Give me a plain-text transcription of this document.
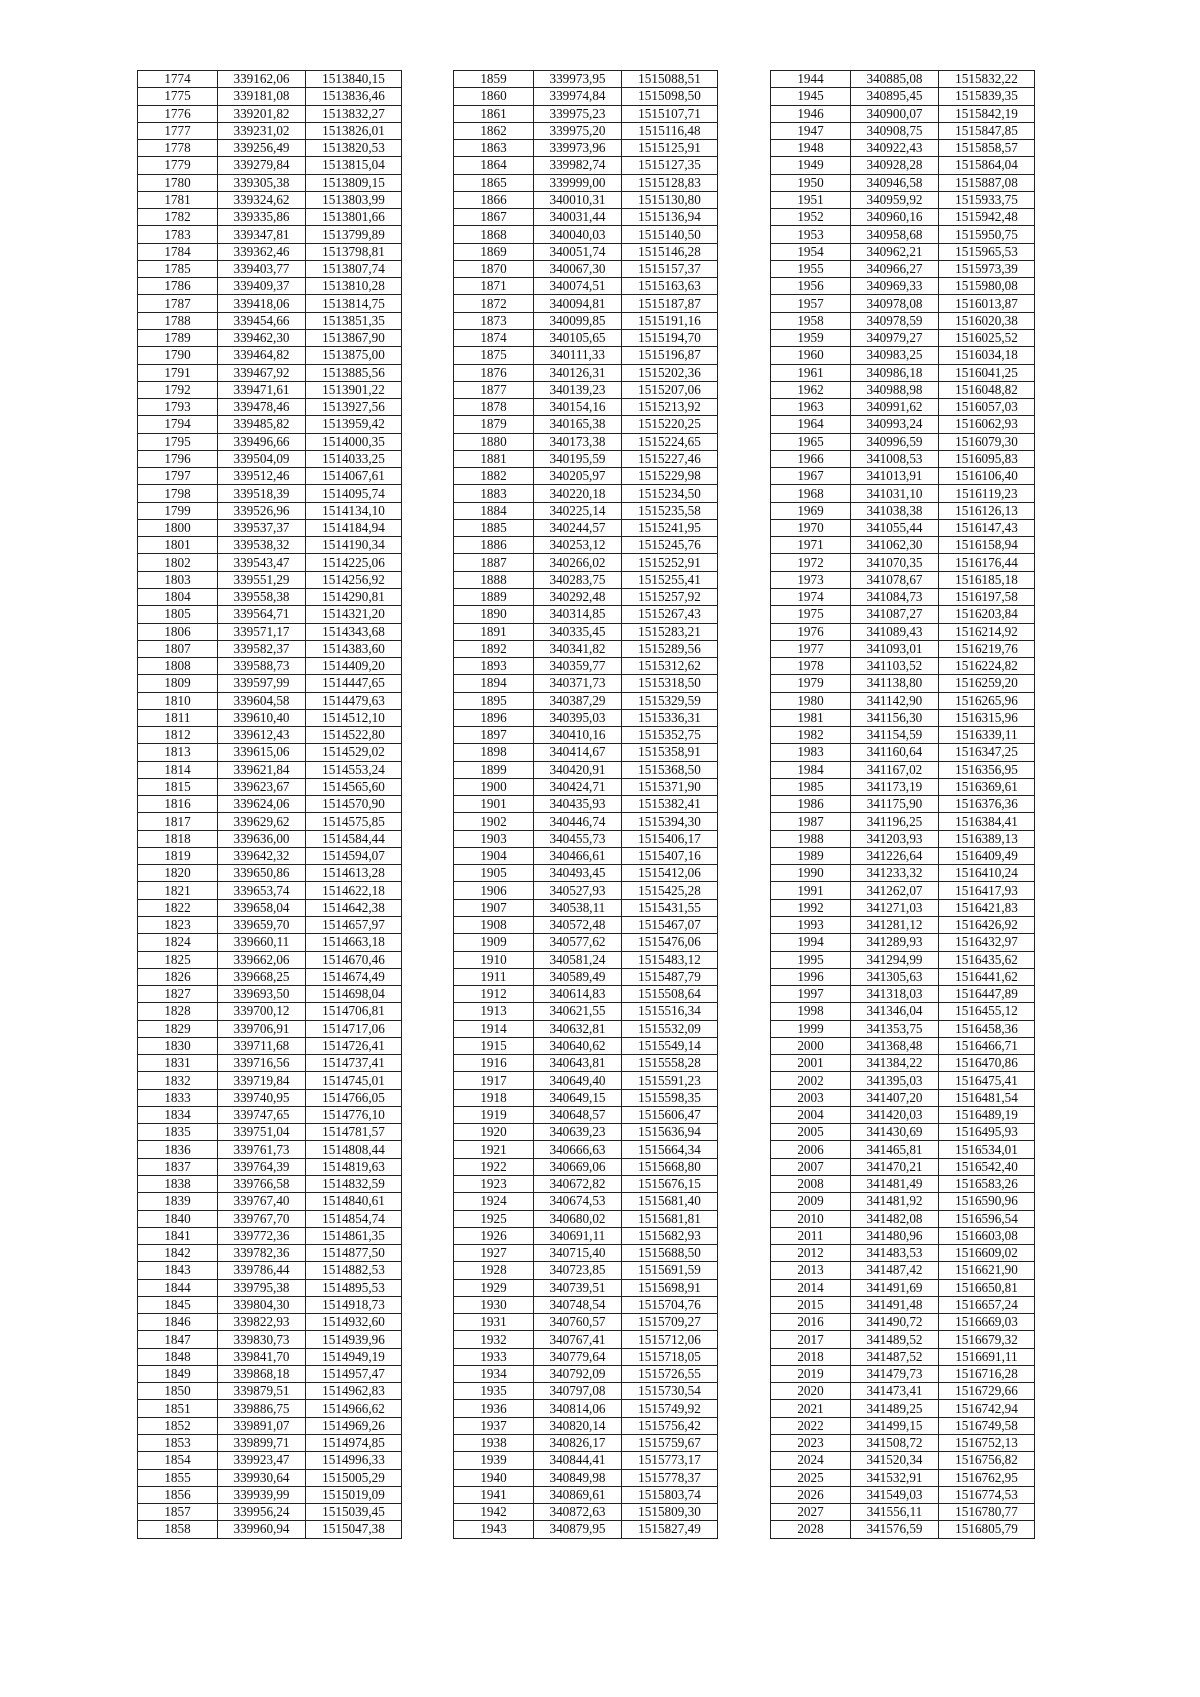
1774	339162,06	1513840,15
1775	339181,08	1513836,46
1776	339201,82	1513832,27
1777	339231,02	1513826,01
1778	339256,49	1513820,53
1779	339279,84	1513815,04
1780	339305,38	1513809,15
1781	339324,62	1513803,99
1782	339335,86	1513801,66
1783	339347,81	1513799,89
1784	339362,46	1513798,81
1785	339403,77	1513807,74
1786	339409,37	1513810,28
1787	339418,06	1513814,75
1788	339454,66	1513851,35
1789	339462,30	1513867,90
1790	339464,82	1513875,00
1791	339467,92	1513885,56
1792	339471,61	1513901,22
1793	339478,46	1513927,56
1794	339485,82	1513959,42
1795	339496,66	1514000,35
1796	339504,09	1514033,25
1797	339512,46	1514067,61
1798	339518,39	1514095,74
1799	339526,96	1514134,10
1800	339537,37	1514184,94
1801	339538,32	1514190,34
1802	339543,47	1514225,06
1803	339551,29	1514256,92
1804	339558,38	1514290,81
1805	339564,71	1514321,20
1806	339571,17	1514343,68
1807	339582,37	1514383,60
1808	339588,73	1514409,20
1809	339597,99	1514447,65
1810	339604,58	1514479,63
1811	339610,40	1514512,10
1812	339612,43	1514522,80
1813	339615,06	1514529,02
1814	339621,84	1514553,24
1815	339623,67	1514565,60
1816	339624,06	1514570,90
1817	339629,62	1514575,85
1818	339636,00	1514584,44
1819	339642,32	1514594,07
1820	339650,86	1514613,28
1821	339653,74	1514622,18
1822	339658,04	1514642,38
1823	339659,70	1514657,97
1824	339660,11	1514663,18
1825	339662,06	1514670,46
1826	339668,25	1514674,49
1827	339693,50	1514698,04
1828	339700,12	1514706,81
1829	339706,91	1514717,06
1830	339711,68	1514726,41
1831	339716,56	1514737,41
1832	339719,84	1514745,01
1833	339740,95	1514766,05
1834	339747,65	1514776,10
1835	339751,04	1514781,57
1836	339761,73	1514808,44
1837	339764,39	1514819,63
1838	339766,58	1514832,59
1839	339767,40	1514840,61
1840	339767,70	1514854,74
1841	339772,36	1514861,35
1842	339782,36	1514877,50
1843	339786,44	1514882,53
1844	339795,38	1514895,53
1845	339804,30	1514918,73
1846	339822,93	1514932,60
1847	339830,73	1514939,96
1848	339841,70	1514949,19
1849	339868,18	1514957,47
1850	339879,51	1514962,83
1851	339886,75	1514966,62
1852	339891,07	1514969,26
1853	339899,71	1514974,85
1854	339923,47	1514996,33
1855	339930,64	1515005,29
1856	339939,99	1515019,09
1857	339956,24	1515039,45
1858	339960,94	1515047,38
1859	339973,95	1515088,51
1860	339974,84	1515098,50
1861	339975,23	1515107,71
1862	339975,20	1515116,48
1863	339973,96	1515125,91
1864	339982,74	1515127,35
1865	339999,00	1515128,83
1866	340010,31	1515130,80
1867	340031,44	1515136,94
1868	340040,03	1515140,50
1869	340051,74	1515146,28
1870	340067,30	1515157,37
1871	340074,51	1515163,63
1872	340094,81	1515187,87
1873	340099,85	1515191,16
1874	340105,65	1515194,70
1875	340111,33	1515196,87
1876	340126,31	1515202,36
1877	340139,23	1515207,06
1878	340154,16	1515213,92
1879	340165,38	1515220,25
1880	340173,38	1515224,65
1881	340195,59	1515227,46
1882	340205,97	1515229,98
1883	340220,18	1515234,50
1884	340225,14	1515235,58
1885	340244,57	1515241,95
1886	340253,12	1515245,76
1887	340266,02	1515252,91
1888	340283,75	1515255,41
1889	340292,48	1515257,92
1890	340314,85	1515267,43
1891	340335,45	1515283,21
1892	340341,82	1515289,56
1893	340359,77	1515312,62
1894	340371,73	1515318,50
1895	340387,29	1515329,59
1896	340395,03	1515336,31
1897	340410,16	1515352,75
1898	340414,67	1515358,91
1899	340420,91	1515368,50
1900	340424,71	1515371,90
1901	340435,93	1515382,41
1902	340446,74	1515394,30
1903	340455,73	1515406,17
1904	340466,61	1515407,16
1905	340493,45	1515412,06
1906	340527,93	1515425,28
1907	340538,11	1515431,55
1908	340572,48	1515467,07
1909	340577,62	1515476,06
1910	340581,24	1515483,12
1911	340589,49	1515487,79
1912	340614,83	1515508,64
1913	340621,55	1515516,34
1914	340632,81	1515532,09
1915	340640,62	1515549,14
1916	340643,81	1515558,28
1917	340649,40	1515591,23
1918	340649,15	1515598,35
1919	340648,57	1515606,47
1920	340639,23	1515636,94
1921	340666,63	1515664,34
1922	340669,06	1515668,80
1923	340672,82	1515676,15
1924	340674,53	1515681,40
1925	340680,02	1515681,81
1926	340691,11	1515682,93
1927	340715,40	1515688,50
1928	340723,85	1515691,59
1929	340739,51	1515698,91
1930	340748,54	1515704,76
1931	340760,57	1515709,27
1932	340767,41	1515712,06
1933	340779,64	1515718,05
1934	340792,09	1515726,55
1935	340797,08	1515730,54
1936	340814,06	1515749,92
1937	340820,14	1515756,42
1938	340826,17	1515759,67
1939	340844,41	1515773,17
1940	340849,98	1515778,37
1941	340869,61	1515803,74
1942	340872,63	1515809,30
1943	340879,95	1515827,49
1944	340885,08	1515832,22
1945	340895,45	1515839,35
1946	340900,07	1515842,19
1947	340908,75	1515847,85
1948	340922,43	1515858,57
1949	340928,28	1515864,04
1950	340946,58	1515887,08
1951	340959,92	1515933,75
1952	340960,16	1515942,48
1953	340958,68	1515950,75
1954	340962,21	1515965,53
1955	340966,27	1515973,39
1956	340969,33	1515980,08
1957	340978,08	1516013,87
1958	340978,59	1516020,38
1959	340979,27	1516025,52
1960	340983,25	1516034,18
1961	340986,18	1516041,25
1962	340988,98	1516048,82
1963	340991,62	1516057,03
1964	340993,24	1516062,93
1965	340996,59	1516079,30
1966	341008,53	1516095,83
1967	341013,91	1516106,40
1968	341031,10	1516119,23
1969	341038,38	1516126,13
1970	341055,44	1516147,43
1971	341062,30	1516158,94
1972	341070,35	1516176,44
1973	341078,67	1516185,18
1974	341084,73	1516197,58
1975	341087,27	1516203,84
1976	341089,43	1516214,92
1977	341093,01	1516219,76
1978	341103,52	1516224,82
1979	341138,80	1516259,20
1980	341142,90	1516265,96
1981	341156,30	1516315,96
1982	341154,59	1516339,11
1983	341160,64	1516347,25
1984	341167,02	1516356,95
1985	341173,19	1516369,61
1986	341175,90	1516376,36
1987	341196,25	1516384,41
1988	341203,93	1516389,13
1989	341226,64	1516409,49
1990	341233,32	1516410,24
1991	341262,07	1516417,93
1992	341271,03	1516421,83
1993	341281,12	1516426,92
1994	341289,93	1516432,97
1995	341294,99	1516435,62
1996	341305,63	1516441,62
1997	341318,03	1516447,89
1998	341346,04	1516455,12
1999	341353,75	1516458,36
2000	341368,48	1516466,71
2001	341384,22	1516470,86
2002	341395,03	1516475,41
2003	341407,20	1516481,54
2004	341420,03	1516489,19
2005	341430,69	1516495,93
2006	341465,81	1516534,01
2007	341470,21	1516542,40
2008	341481,49	1516583,26
2009	341481,92	1516590,96
2010	341482,08	1516596,54
2011	341480,96	1516603,08
2012	341483,53	1516609,02
2013	341487,42	1516621,90
2014	341491,69	1516650,81
2015	341491,48	1516657,24
2016	341490,72	1516669,03
2017	341489,52	1516679,32
2018	341487,52	1516691,11
2019	341479,73	1516716,28
2020	341473,41	1516729,66
2021	341489,25	1516742,94
2022	341499,15	1516749,58
2023	341508,72	1516752,13
2024	341520,34	1516756,82
2025	341532,91	1516762,95
2026	341549,03	1516774,53
2027	341556,11	1516780,77
2028	341576,59	1516805,79
